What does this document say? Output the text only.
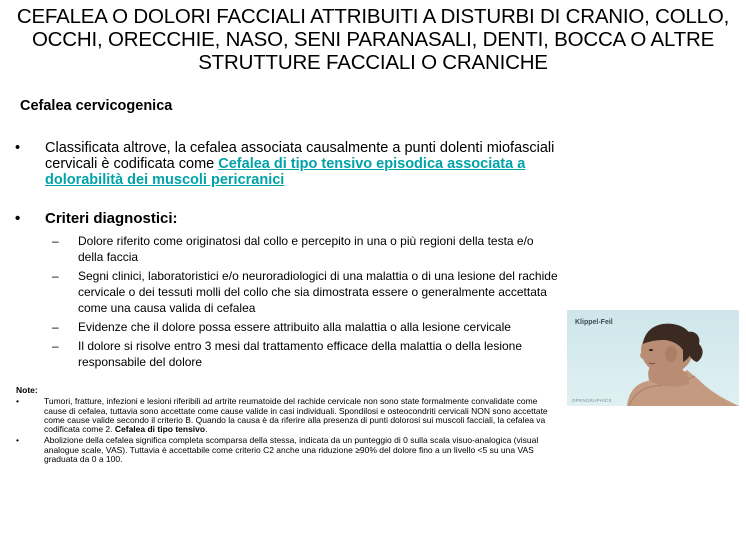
CEFALEA O DOLORI FACCIALI ATTRIBUITI A DISTURBI DI CRANIO, COLLO, OCCHI, ORECCHIE, NASO, SENI PARANASALI, DENTI, BOCCA O ALTRE STRUTTURE FACCIALI O CRANICHE
Cefalea cervicogenica
• Classificata altrove, la cefalea associata causalmente a punti dolenti miofasciali cervicali è codificata come Cefalea di tipo tensivo episodica associata a dolorabilità dei muscoli pericranici
• Criteri diagnostici:
– Dolore riferito come originatosi dal collo e percepito in una o più regioni della testa e/o della faccia
– Segni clinici, laboratoristici e/o neuroradiologici di una malattia o di una lesione del rachide cervicale o dei tessuti molli del collo che sia dimostrata essere o generalmente accettata come una causa valida di cefalea
– Evidenze che il dolore possa essere attribuito alla malattia o alla lesione cervicale
– Il dolore si risolve entro 3 mesi dal trattamento efficace della malattia o della lesione responsabile del dolore
Klippel-Feil
OPENGRAPHICS
Note:
•	Tumori, fratture, infezioni e lesioni riferibili ad artrite reumatoide del rachide cervicale non sono state formalmente convalidate come cause di cefalea, tuttavia sono accettate come cause valide in casi individuali. Spondilosi e osteocondriti cervicali NON sono accettate come cause valide secondo il criterio B. Quando la causa è da riferire alla presenza di punti dolorosi sui muscoli facciali, la cefalea va codificata come 2. Cefalea di tipo tensivo.
•	Abolizione della cefalea significa completa scomparsa della stessa, indicata da un punteggio di 0 sulla scala visuo-analogica (visual analogue scale, VAS). Tuttavia è accettabile come criterio C2 anche una riduzione ≥90% del dolore fino a un livello <5 su una VAS graduata da 0 a 100.
